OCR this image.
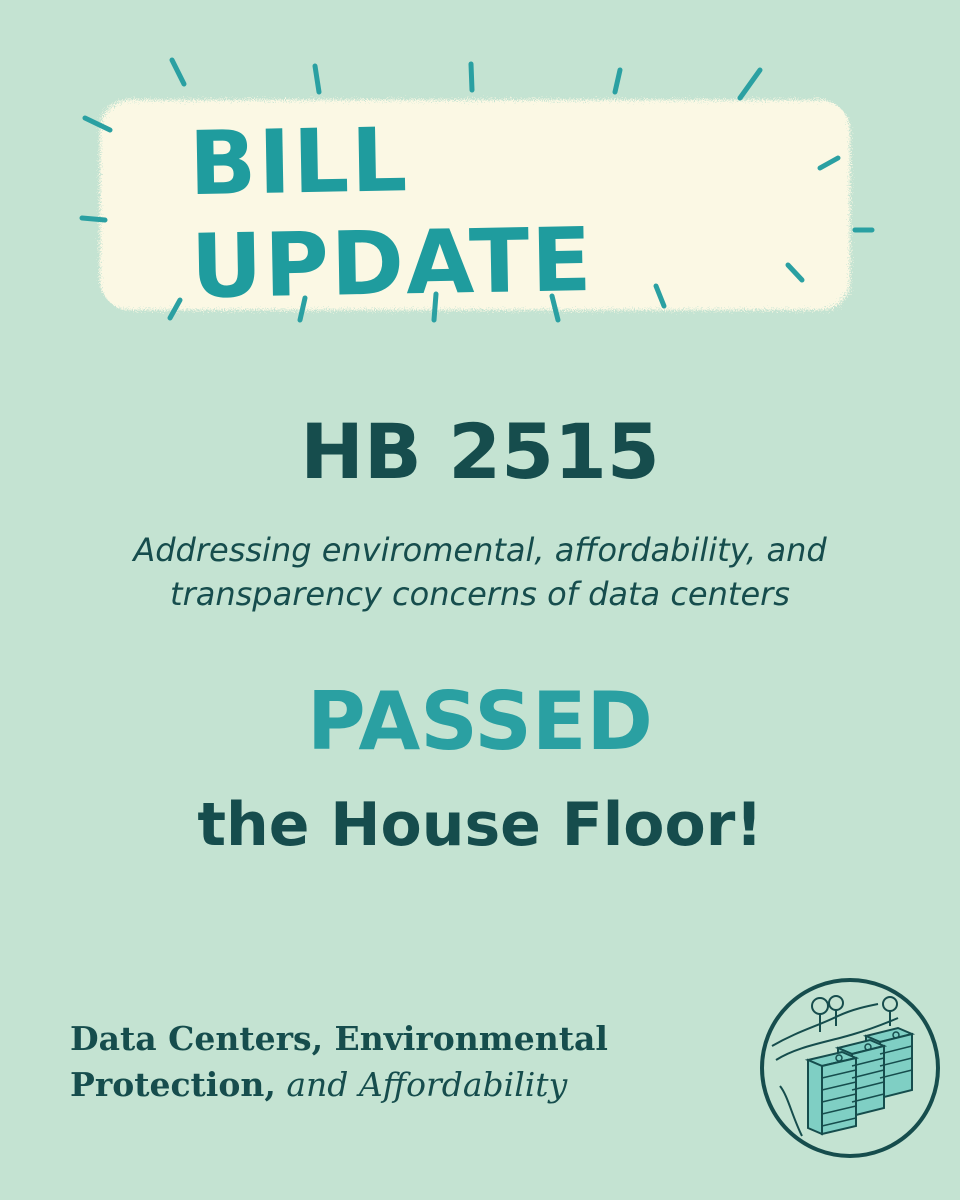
BILL UPDATE
HB 2515
Addressing enviromental, affordability, and
transparency concerns of data centers
PASSED
the House Floor!
Data Centers, Environmental
Protection, and Affordability
